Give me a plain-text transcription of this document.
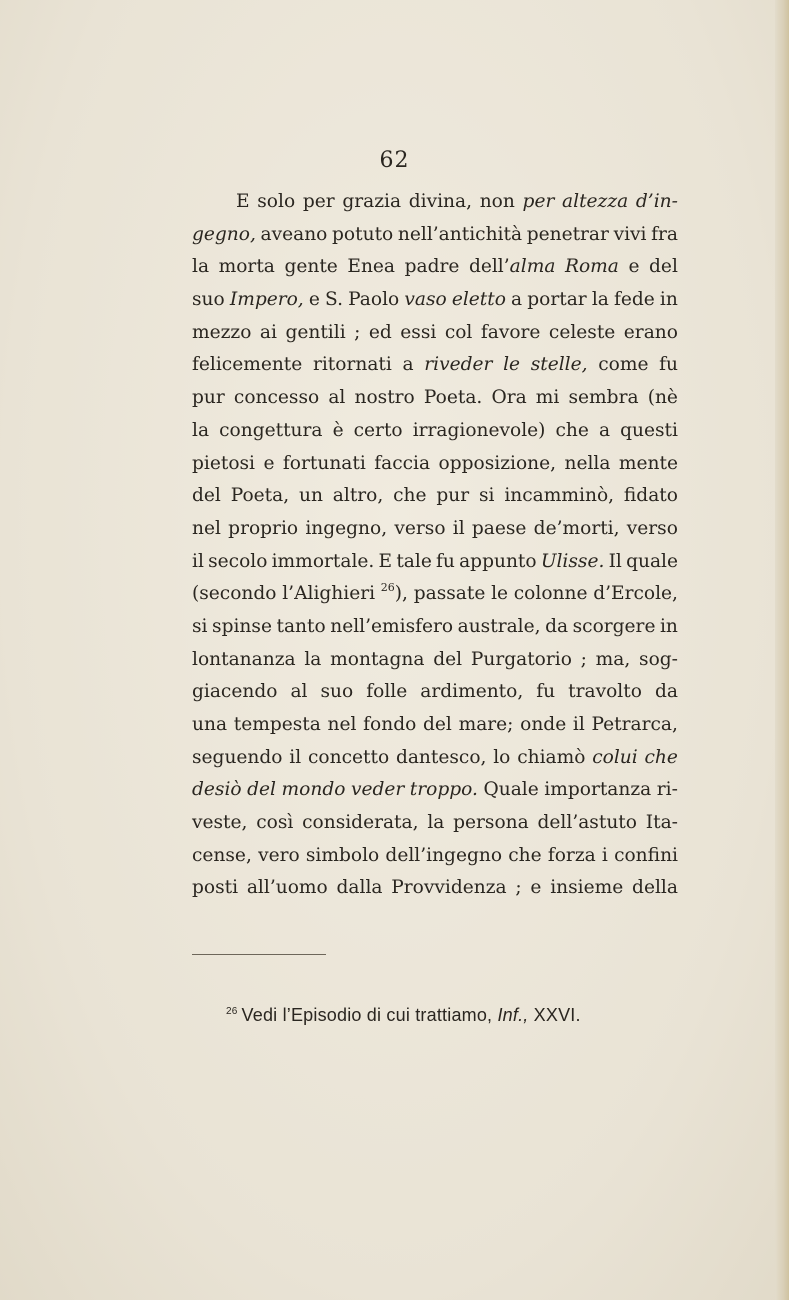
62
E solo per grazia divina, non per altezza d’in-
gegno, aveano potuto nell’antichità penetrar vivi fra
la morta gente Enea padre dell’alma Roma e del
suo Impero, e S. Paolo vaso eletto a portar la fede in
mezzo ai gentili ; ed essi col favore celeste erano
felicemente ritornati a riveder le stelle, come fu
pur concesso al nostro Poeta. Ora mi sembra (nè
la congettura è certo irragionevole) che a questi
pietosi e fortunati faccia opposizione, nella mente
del Poeta, un altro, che pur si incamminò, fidato
nel proprio ingegno, verso il paese de’morti, verso
il secolo immortale. E tale fu appunto Ulisse. Il quale
(secondo l’Alighieri $^{26}$), passate le colonne d’Ercole,
si spinse tanto nell’emisfero australe, da scorgere in
lontananza la montagna del Purgatorio ; ma, sog-
giacendo al suo folle ardimento, fu travolto da
una tempesta nel fondo del mare; onde il Petrarca,
seguendo il concetto dantesco, lo chiamò colui che
desiò del mondo veder troppo. Quale importanza ri-
veste, così considerata, la persona dell’astuto Ita-
cense, vero simbolo dell’ingegno che forza i confini
posti all’uomo dalla Provvidenza ; e insieme della
$^{26}$ Vedi l’Episodio di cui trattiamo, Inf., XXVI.
